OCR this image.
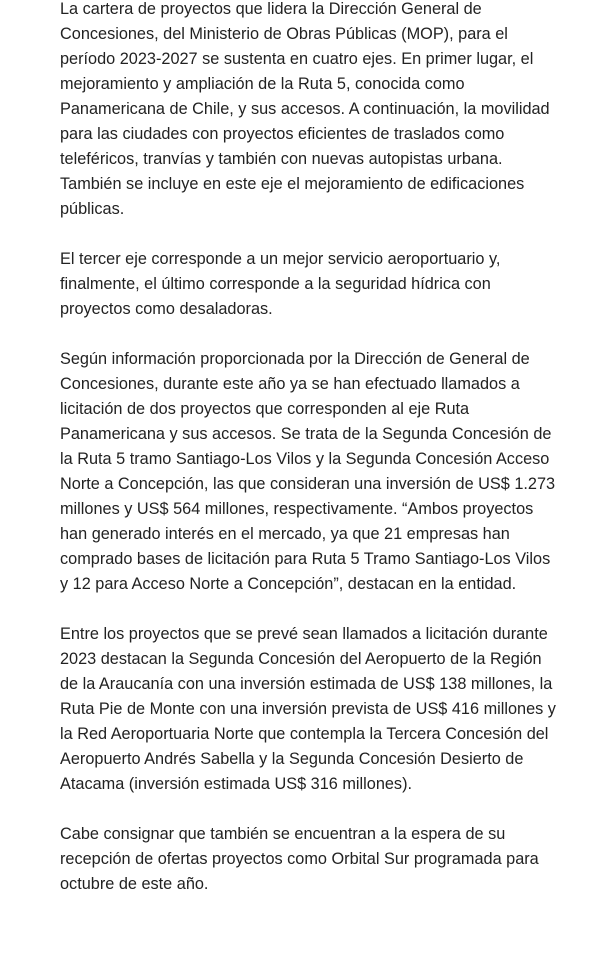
La cartera de proyectos que lidera la Dirección General de Concesiones, del Ministerio de Obras Públicas (MOP), para el período 2023-2027 se sustenta en cuatro ejes. En primer lugar, el mejoramiento y ampliación de la Ruta 5, conocida como Panamericana de Chile, y sus accesos. A continuación, la movilidad para las ciudades con proyectos eficientes de traslados como teleféricos, tranvías y también con nuevas autopistas urbana. También se incluye en este eje el mejoramiento de edificaciones públicas.

El tercer eje corresponde a un mejor servicio aeroportuario y, finalmente, el último corresponde a la seguridad hídrica con proyectos como desaladoras.

Según información proporcionada por la Dirección de General de Concesiones, durante este año ya se han efectuado llamados a licitación de dos proyectos que corresponden al eje Ruta Panamericana y sus accesos. Se trata de la Segunda Concesión de la Ruta 5 tramo Santiago-Los Vilos y la Segunda Concesión Acceso Norte a Concepción, las que consideran una inversión de US$ 1.273 millones y US$ 564 millones, respectivamente. “Ambos proyectos han generado interés en el mercado, ya que 21 empresas han comprado bases de licitación para Ruta 5 Tramo Santiago-Los Vilos y 12 para Acceso Norte a Concepción”, destacan en la entidad.

Entre los proyectos que se prevé sean llamados a licitación durante 2023 destacan la Segunda Concesión del Aeropuerto de la Región de la Araucanía con una inversión estimada de US$ 138 millones, la Ruta Pie de Monte con una inversión prevista de US$ 416 millones y la Red Aeroportuaria Norte que contempla la Tercera Concesión del Aeropuerto Andrés Sabella y la Segunda Concesión Desierto de Atacama (inversión estimada US$ 316 millones).

Cabe consignar que también se encuentran a la espera de su recepción de ofertas proyectos como Orbital Sur programada para octubre de este año.
